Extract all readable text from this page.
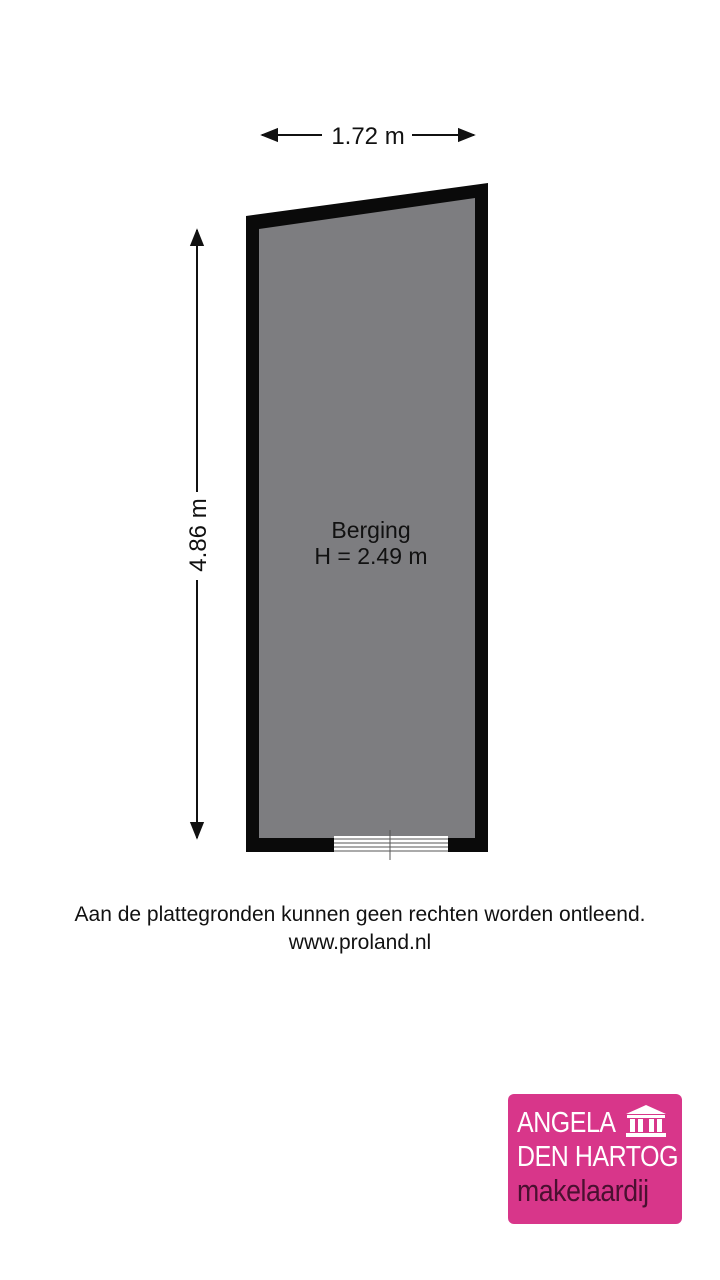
1.72 m
4.86 m	Berging
H = 2.49 m
Aan de plattegronden kunnen geen rechten worden ontleend.
www.proland.nl
ANGELA
DEN HARTOG
makelaardij
